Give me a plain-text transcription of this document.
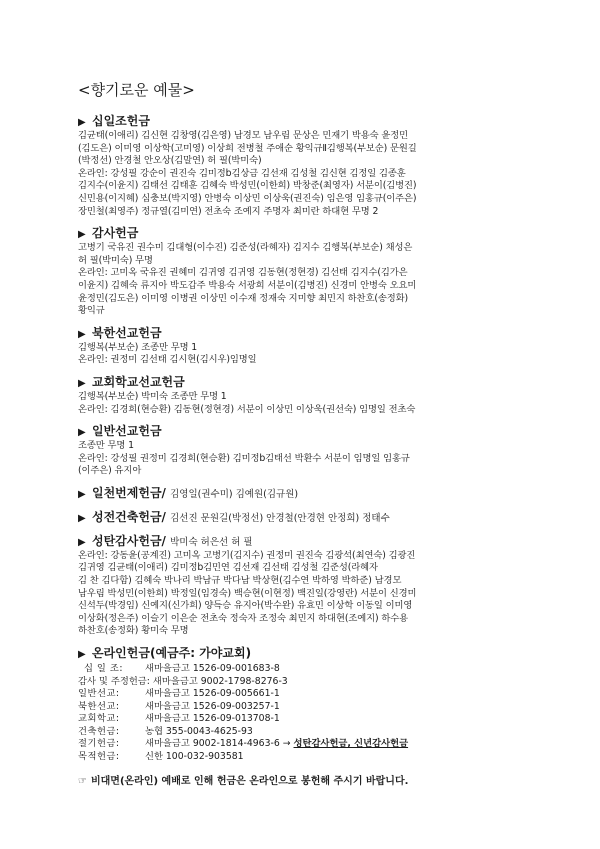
<향기로운 예물>
▶ 십일조헌금
김균태(이애리) 김신현 김창영(김은영) 남경모 남우림 문상은 민재기 박용숙 윤정민
(김도은) 이미영 이상학(고미영) 이상희 전병철 주애순 황익규Ⅱ김행복(부보순) 문원길
(박정선) 안경철 안오상(김말연) 허 필(박미숙)
온라인: 강성필 강순이 권진숙 김미정b김상금 김선재 김성철 김신현 김정일 김종훈
김지수(이윤지) 김태선 김태훈 김혜숙 박성민(이한희) 박창준(최영자) 서분이(김병진)
신민용(이지혜) 심충보(박지영) 안병숙 이상민 이상욱(권진숙) 임은영 임홍규(이주은)
장민철(최영주) 정규열(김미연) 전초숙 조예지 주명자 최미란 하대현 무명 2
▶ 감사헌금
고병기 국유진 권수미 김대형(이수진) 김준성(라혜자) 김지수 김행복(부보순) 채성은
허 필(박미숙) 무명
온라인: 고미옥 국유진 권혜미 김귀영 김귀영 김동현(정현경) 김선태 김지수(김가은
이윤지) 김혜숙 류지아 박도갑주 박용숙 서광희 서분이(김병진) 신경미 안병숙 오요미
윤정민(김도은) 이미영 이병권 이상민 이수재 정재숙 지미향 최민지 하찬호(송정화)
황익규
▶ 북한선교헌금
김행복(부보순) 조종만 무명 1
온라인: 권정미 김선태 김시현(김시우)임명일
▶ 교회학교선교헌금
김행복(부보순) 박미숙 조종만 무명 1
온라인: 김경희(현승환) 김동현(정현경) 서분이 이상민 이상욱(권선숙) 임명일 전초숙
▶ 일반선교헌금
조종만 무명 1
온라인: 강성필 권정미 김경희(현승환) 김미정b김태선 박환수 서분이 임명일 임홍규
(이주은) 유지아
▶ 일천번제헌금/ 김영일(권수미) 김예원(김규원)
▶ 성전건축헌금/ 김선진 문원길(박정선) 안경철(안경현 안정희) 정태수
▶ 성탄감사헌금/ 박미숙 허은선 허 필
온라인: 강동윤(공계진) 고미옥 고병기(김지수) 권정미 권진숙 김광석(최연숙) 김광진
김귀영 김균태(이애리) 김미정b김민연 김선재 김선태 김성철 김준성(라혜자
김 찬 김다함) 김혜숙 박나리 박남규 박다남 박상현(김수연 박하영 박하준) 남경모
남우림 박성민(이한희) 박정일(임경숙) 백승현(이현정) 백진일(강영란) 서분이 신경미
신석두(박경임) 신예지(신가희) 양득승 유지아(박수완) 유효민 이상학 이동일 이미영
이상화(정은주) 이슬기 이은순 전초숙 정숙자 조정숙 최민지 하대현(조예지) 하수용
하찬호(송정화) 황미숙 무명
▶ 온라인헌금(예금주: 가야교회)
십 일 조: 새마을금고 1526-09-001683-8
감사 및 주정헌금: 새마을금고 9002-1798-8276-3
일반선교:	새마을금고 1526-09-005661-1
북한선교:	새마을금고 1526-09-003257-1
교회학교:	새마을금고 1526-09-013708-1
건축헌금:	농협 355-0043-4625-93
절기헌금:	새마을금고 9002-1814-4963-6 → 성탄감사헌금, 신년감사헌금
목적헌금:	신한 100-032-903581
☞ 비대면(온라인) 예배로 인해 헌금은 온라인으로 봉헌해 주시기 바랍니다.
